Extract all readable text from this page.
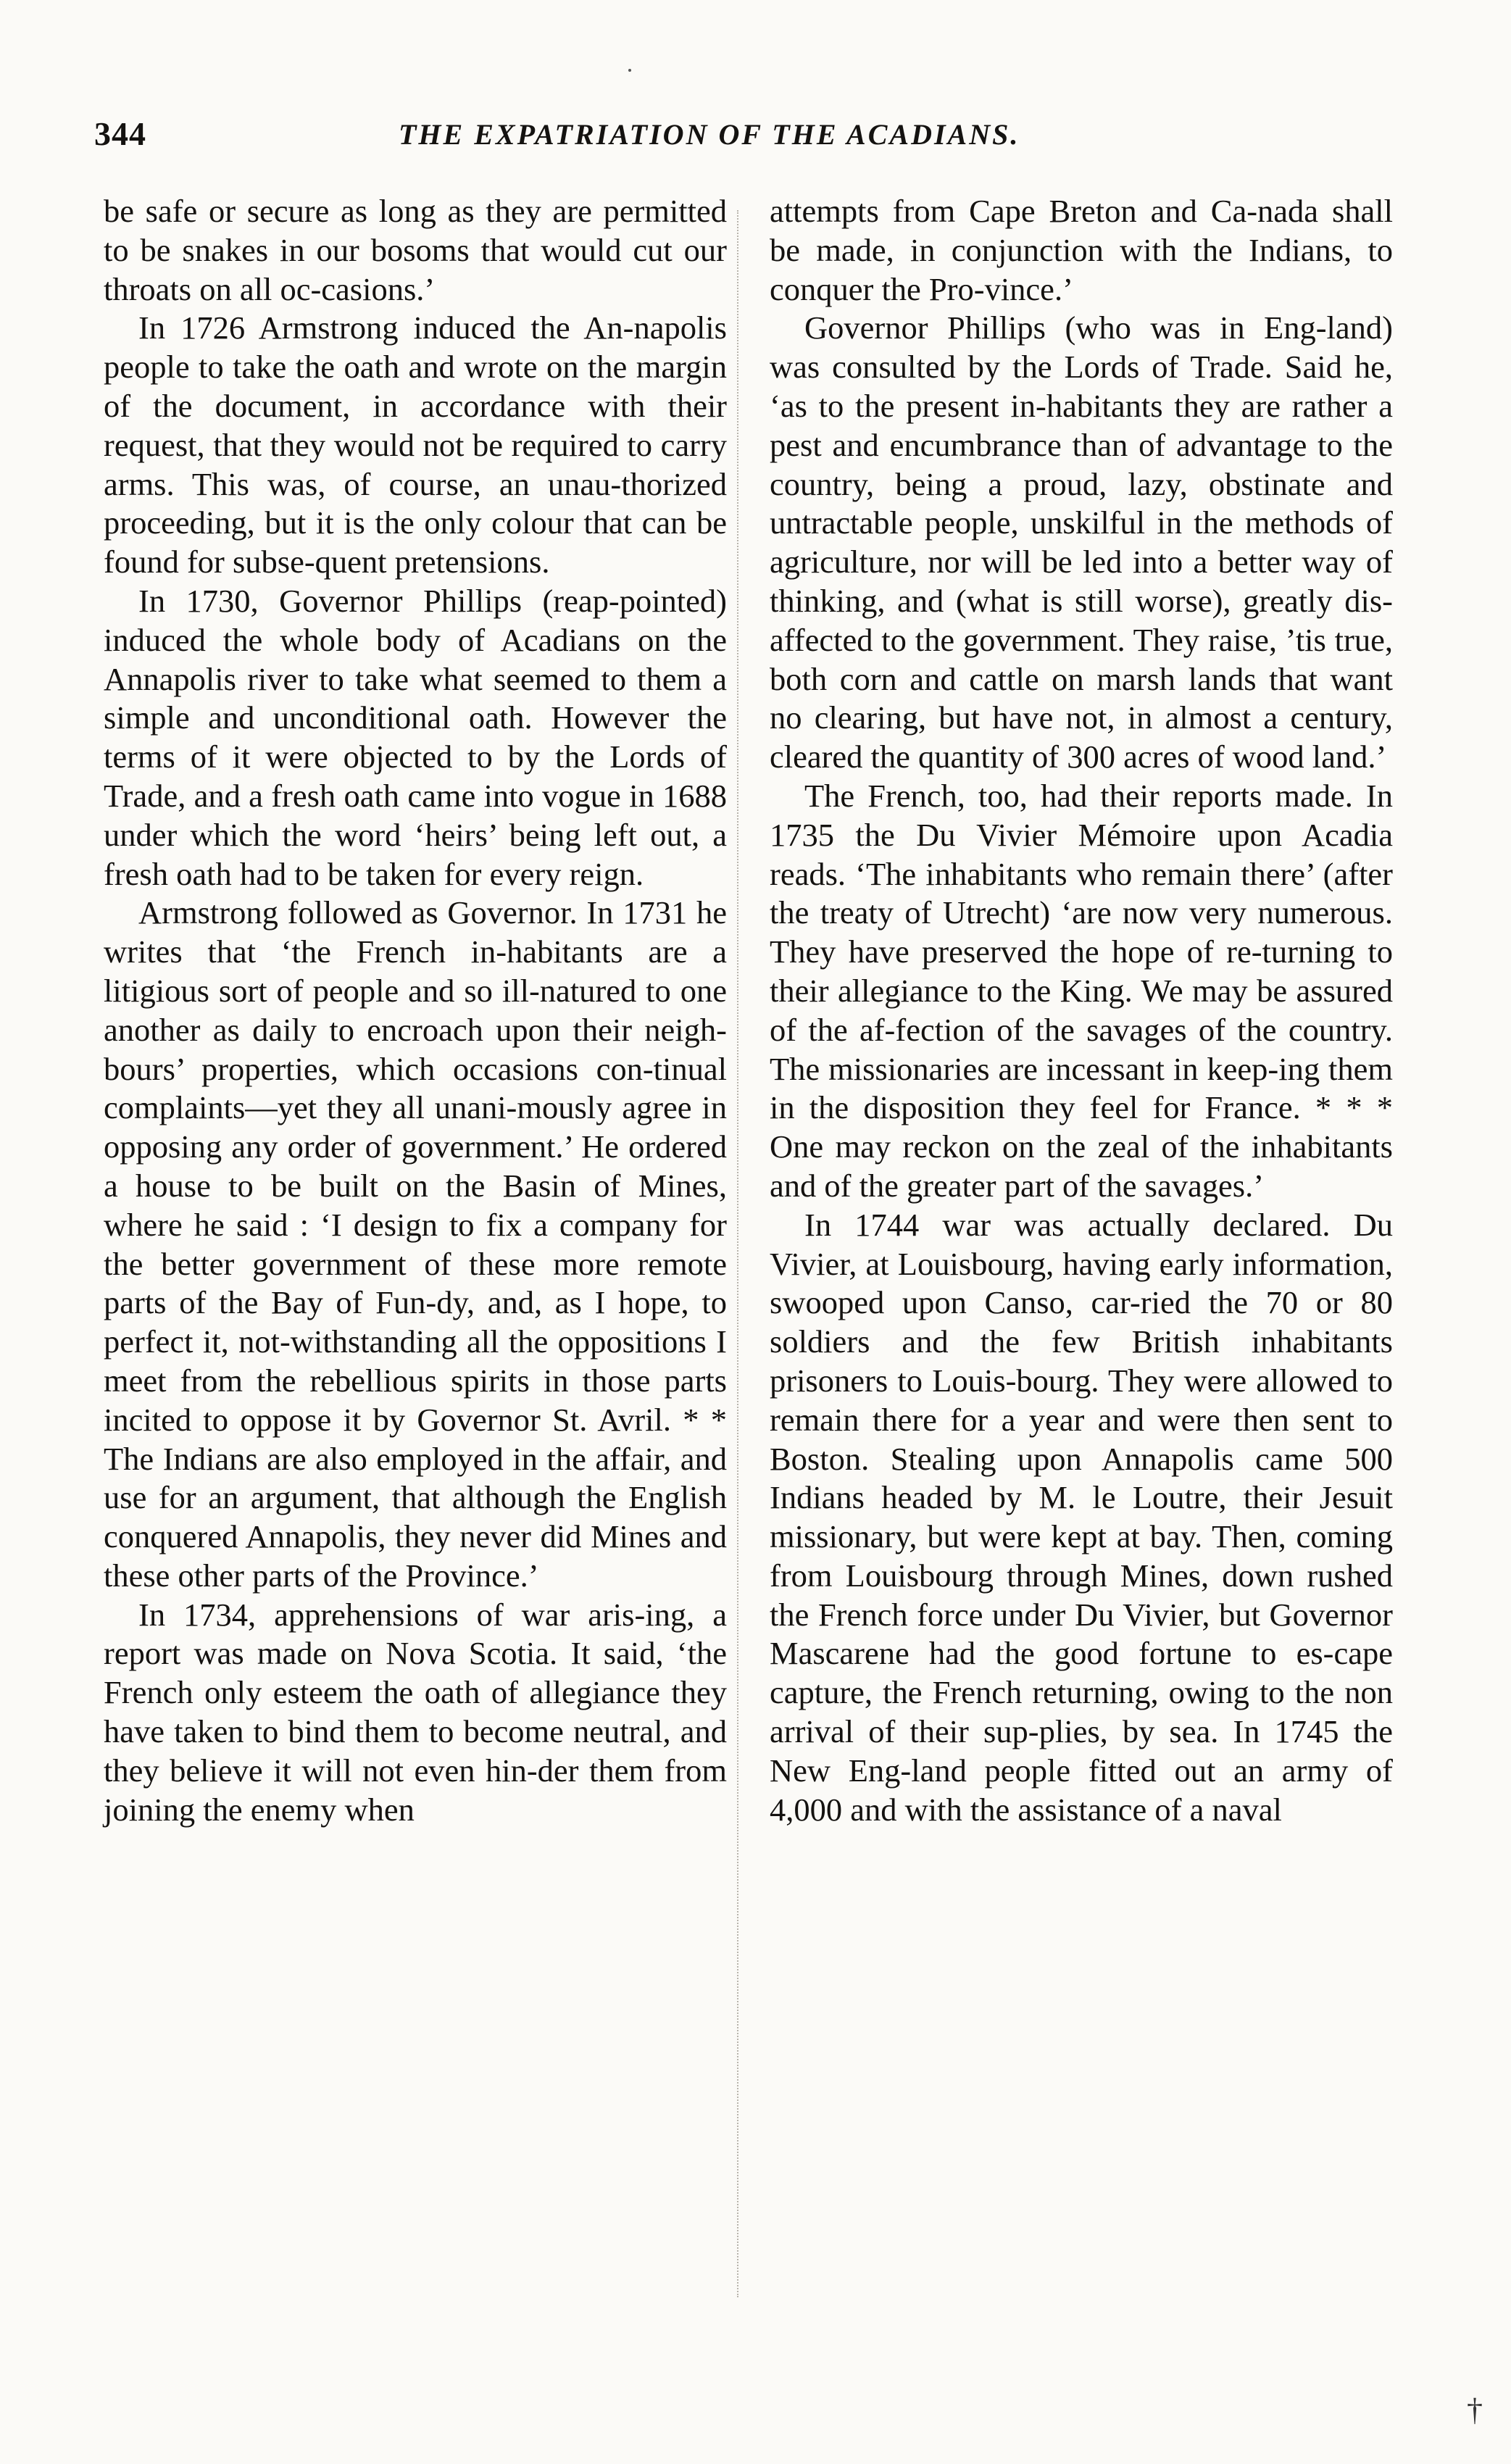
344	THE EXPATRIATION OF THE ACADIANS.

be safe or secure as long as they are permitted to be snakes in our bosoms that would cut our throats on all oc-casions.’

In 1726 Armstrong induced the An-napolis people to take the oath and wrote on the margin of the document, in accordance with their request, that they would not be required to carry arms. This was, of course, an unau-thorized proceeding, but it is the only colour that can be found for subse-quent pretensions.

In 1730, Governor Phillips (reap-pointed) induced the whole body of Acadians on the Annapolis river to take what seemed to them a simple and unconditional oath. However the terms of it were objected to by the Lords of Trade, and a fresh oath came into vogue in 1688 under which the word ‘heirs’ being left out, a fresh oath had to be taken for every reign.

Armstrong followed as Governor. In 1731 he writes that ‘the French in-habitants are a litigious sort of people and so ill-natured to one another as daily to encroach upon their neigh-bours’ properties, which occasions con-tinual complaints—yet they all unani-mously agree in opposing any order of government.’ He ordered a house to be built on the Basin of Mines, where he said : ‘I design to fix a company for the better government of these more remote parts of the Bay of Fun-dy, and, as I hope, to perfect it, not-withstanding all the oppositions I meet from the rebellious spirits in those parts incited to oppose it by Governor St. Avril. * * The Indians are also employed in the affair, and use for an argument, that although the English conquered Annapolis, they never did Mines and these other parts of the Province.’

In 1734, apprehensions of war aris-ing, a report was made on Nova Scotia. It said, ‘the French only esteem the oath of allegiance they have taken to bind them to become neutral, and they believe it will not even hin-der them from joining the enemy when

attempts from Cape Breton and Ca-nada shall be made, in conjunction with the Indians, to conquer the Pro-vince.’

Governor Phillips (who was in Eng-land) was consulted by the Lords of Trade. Said he, ‘as to the present in-habitants they are rather a pest and encumbrance than of advantage to the country, being a proud, lazy, obstinate and untractable people, unskilful in the methods of agriculture, nor will be led into a better way of thinking, and (what is still worse), greatly dis-affected to the government. They raise, ’tis true, both corn and cattle on marsh lands that want no clearing, but have not, in almost a century, cleared the quantity of 300 acres of wood land.’

The French, too, had their reports made. In 1735 the Du Vivier Mémoire upon Acadia reads. ‘The inhabitants who remain there’ (after the treaty of Utrecht) ‘are now very numerous. They have preserved the hope of re-turning to their allegiance to the King. We may be assured of the af-fection of the savages of the country. The missionaries are incessant in keep-ing them in the disposition they feel for France. * * * One may reckon on the zeal of the inhabitants and of the greater part of the savages.’

In 1744 war was actually declared. Du Vivier, at Louisbourg, having early information, swooped upon Canso, car-ried the 70 or 80 soldiers and the few British inhabitants prisoners to Louis-bourg. They were allowed to remain there for a year and were then sent to Boston. Stealing upon Annapolis came 500 Indians headed by M. le Loutre, their Jesuit missionary, but were kept at bay. Then, coming from Louisbourg through Mines, down rushed the French force under Du Vivier, but Governor Mascarene had the good fortune to es-cape capture, the French returning, owing to the non arrival of their sup-plies, by sea. In 1745 the New Eng-land people fitted out an army of 4,000 and with the assistance of a naval

†
